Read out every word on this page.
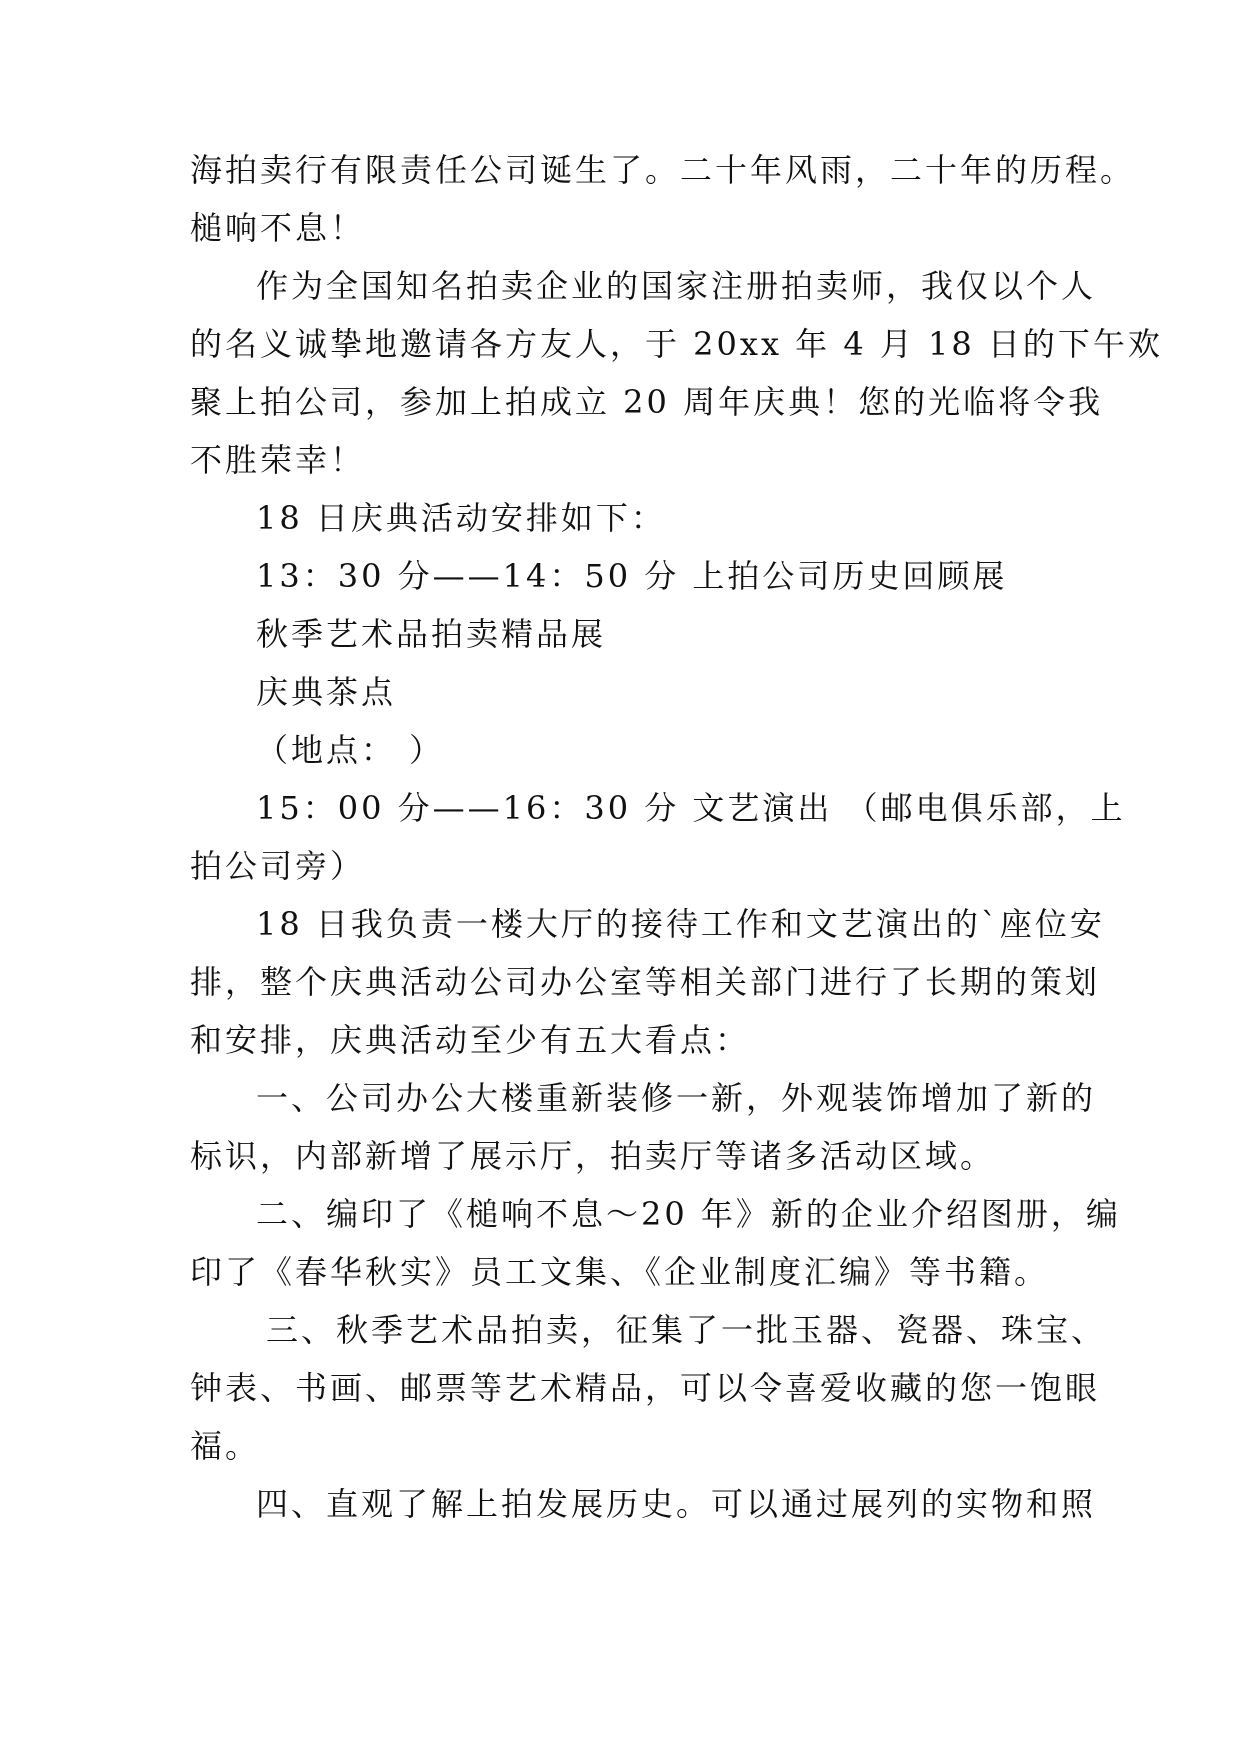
海拍卖行有限责任公司诞生了。二十年风雨，二十年的历程。
槌响不息！
作为全国知名拍卖企业的国家注册拍卖师，我仅以个人
的名义诚挚地邀请各方友人，于 20xx 年 4 月 18 日的下午欢
聚上拍公司，参加上拍成立 20 周年庆典！您的光临将令我
不胜荣幸！
18 日庆典活动安排如下：
13：30 分——14：50 分 上拍公司历史回顾展
秋季艺术品拍卖精品展
庆典茶点
（地点： ）
15：00 分——16：30 分 文艺演出 （邮电俱乐部，上
拍公司旁）
18 日我负责一楼大厅的接待工作和文艺演出的`座位安
排，整个庆典活动公司办公室等相关部门进行了长期的策划
和安排，庆典活动至少有五大看点：
一、公司办公大楼重新装修一新，外观装饰增加了新的
标识，内部新增了展示厅，拍卖厅等诸多活动区域。
二、编印了《槌响不息～20 年》新的企业介绍图册，编
印了《春华秋实》员工文集、《企业制度汇编》等书籍。
三、秋季艺术品拍卖，征集了一批玉器、瓷器、珠宝、
钟表、书画、邮票等艺术精品，可以令喜爱收藏的您一饱眼
福。
四、直观了解上拍发展历史。可以通过展列的实物和照
